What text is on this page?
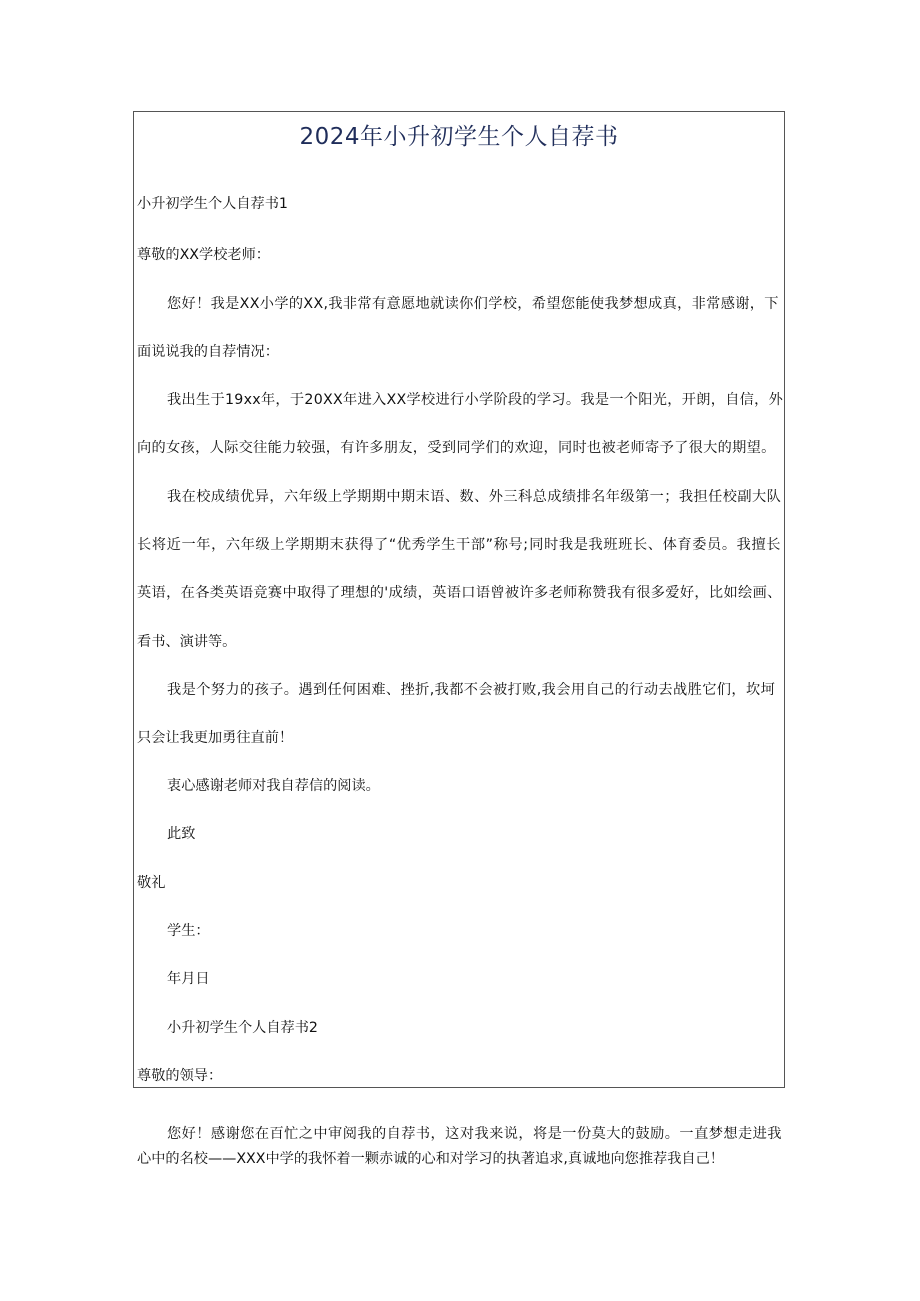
2024年小升初学生个人自荐书
小升初学生个人自荐书1
尊敬的XX学校老师：
您 好 ！ 我 是 X X 小 学 的 X X , 我 非 常 有 意 愿 地 就 读 你 们 学 校 ， 希 望 您 能 使 我 梦 想 成 真 ， 非 常 感 谢 ， 下
面说说我的自荐情况：
我 出 生 于 1 9 x x 年 ， 于 2 0 X X 年 进 入 X X 学 校 进 行 小 学 阶 段 的 学 习 。 我 是 一 个 阳 光 ， 开 朗 ， 自 信 ， 外
向 的 女 孩 ， 人 际 交 往 能 力 较 强 ， 有 许 多 朋 友 ， 受 到 同 学 们 的 欢 迎 ， 同 时 也 被 老 师 寄 予 了 很 大 的 期 望 。
我 在 校 成 绩 优 异 ， 六 年 级 上 学 期 期 中 期 末 语 、 数 、 外 三 科 总 成 绩 排 名 年 级 第 一 ； 我 担 任 校 副 大 队
长 将 近 一 年 ， 六 年 级 上 学 期 期 末 获 得 了 “ 优 秀 学 生 干 部 ” 称 号 ; 同 时 我 是 我 班 班 长 、 体 育 委 员 。 我 擅 长
英 语 ， 在 各 类 英 语 竞 赛 中 取 得 了 理 想 的 ' 成 绩 ， 英 语 口 语 曾 被 许 多 老 师 称 赞 我 有 很 多 爱 好 ， 比 如 绘 画 、
看书、演讲等。
我 是 个 努 力 的 孩 子 。 遇 到 任 何 困 难 、 挫 折 , 我 都 不 会 被 打 败 , 我 会 用 自 己 的 行 动 去 战 胜 它 们 ， 坎 坷
只会让我更加勇往直前！
衷心感谢老师对我自荐信的阅读。
此致
敬礼
学生：
年月日
小升初学生个人自荐书2
尊敬的领导：
您 好 ！ 感 谢 您 在 百 忙 之 中 审 阅 我 的 自 荐 书 ， 这 对 我 来 说 ， 将 是 一 份 莫 大 的 鼓 励 。 一 直 梦 想 走 进 我
心中的名校——XXX中学的我怀着一颗赤诚的心和对学习的执著追求,真诚地向您推荐我自己！
